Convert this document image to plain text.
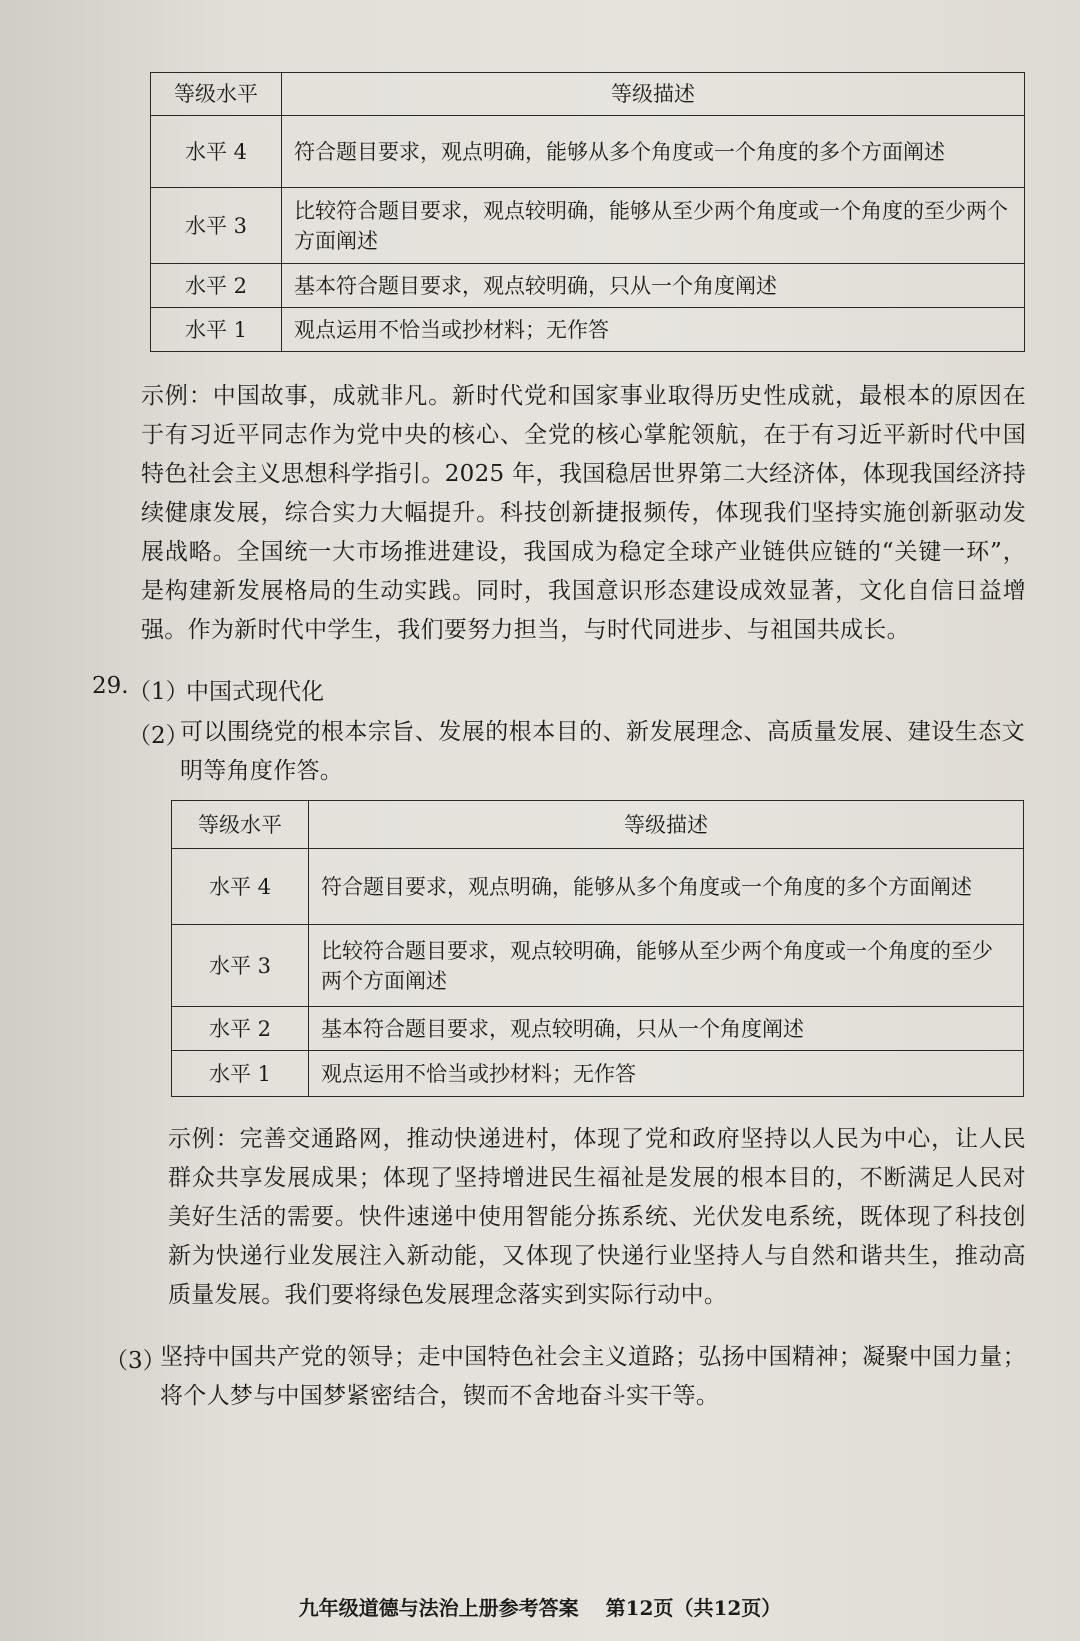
等级水平	等级描述
水平 4	符合题目要求，观点明确，能够从多个角度或一个角度的多个方面阐述
水平 3	比较符合题目要求，观点较明确，能够从至少两个角度或一个角度的至少两个方面阐述
水平 2	基本符合题目要求，观点较明确，只从一个角度阐述
水平 1	观点运用不恰当或抄材料；无作答

示例：中国故事，成就非凡。新时代党和国家事业取得历史性成就，最根本的原因在于有习近平同志作为党中央的核心、全党的核心掌舵领航，在于有习近平新时代中国特色社会主义思想科学指引。2025 年，我国稳居世界第二大经济体，体现我国经济持续健康发展，综合实力大幅提升。科技创新捷报频传，体现我们坚持实施创新驱动发展战略。全国统一大市场推进建设，我国成为稳定全球产业链供应链的“关键一环”，是构建新发展格局的生动实践。同时，我国意识形态建设成效显著，文化自信日益增强。作为新时代中学生，我们要努力担当，与时代同进步、与祖国共成长。

29. （1）
中国式现代化
（2）

可以围绕党的根本宗旨、发展的根本目的、新发展理念、高质量发展、建设生态文明等角度作答。

等级水平	等级描述
水平 4	符合题目要求，观点明确，能够从多个角度或一个角度的多个方面阐述
水平 3	比较符合题目要求，观点较明确，能够从至少两个角度或一个角度的至少两个方面阐述
水平 2	基本符合题目要求，观点较明确，只从一个角度阐述
水平 1	观点运用不恰当或抄材料；无作答

示例：完善交通路网，推动快递进村，体现了党和政府坚持以人民为中心，让人民群众共享发展成果；体现了坚持增进民生福祉是发展的根本目的，不断满足人民对美好生活的需要。快件速递中使用智能分拣系统、光伏发电系统，既体现了科技创新为快递行业发展注入新动能，又体现了快递行业坚持人与自然和谐共生，推动高质量发展。我们要将绿色发展理念落实到实际行动中。

（3）

坚持中国共产党的领导；走中国特色社会主义道路；弘扬中国精神；凝聚中国力量；将个人梦与中国梦紧密结合，锲而不舍地奋斗实干等。

九年级道德与法治上册参考答案 第12页（共12页）
